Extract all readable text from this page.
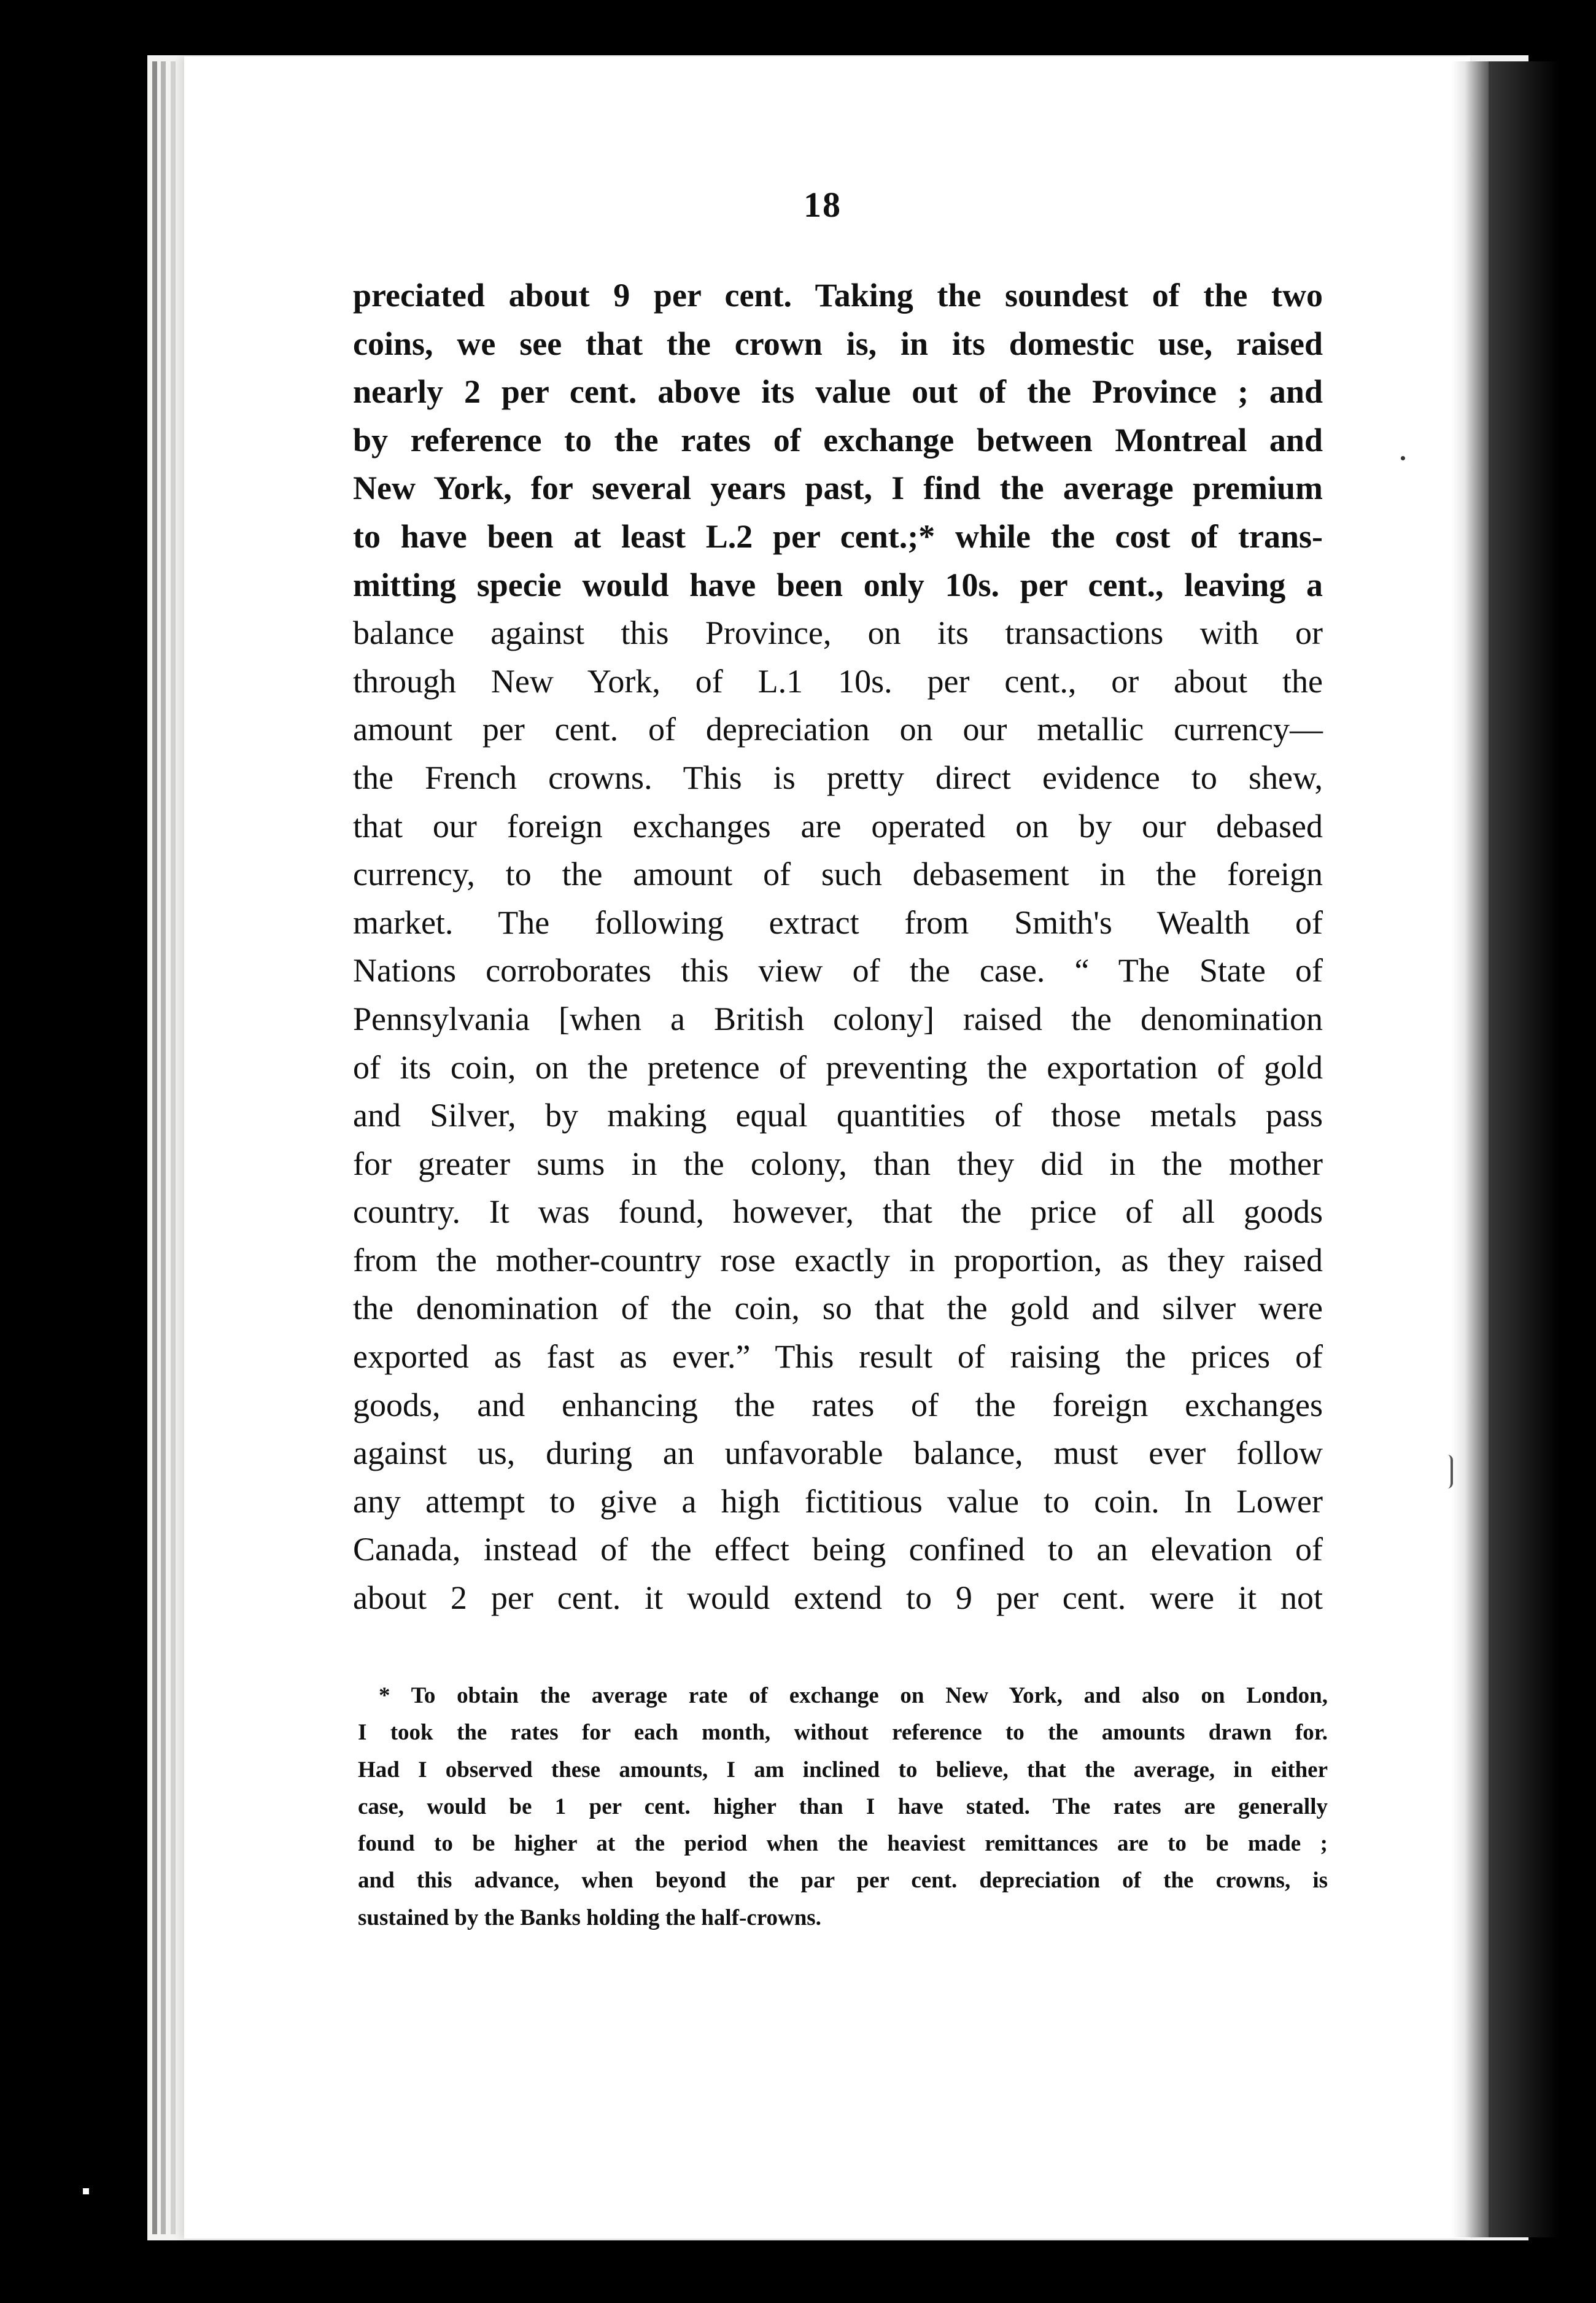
18
preciated about 9 per cent. Taking the soundest of the two
coins, we see that the crown is, in its domestic use, raised
nearly 2 per cent. above its value out of the Province ; and
by reference to the rates of exchange between Montreal and
New York, for several years past, I find the average premium
to have been at least L.2 per cent.;* while the cost of trans-
mitting specie would have been only 10s. per cent., leaving a
balance against this Province, on its transactions with or
through New York, of L.1 10s. per cent., or about the
amount per cent. of depreciation on our metallic currency—
the French crowns. This is pretty direct evidence to shew,
that our foreign exchanges are operated on by our debased
currency, to the amount of such debasement in the foreign
market. The following extract from Smith's Wealth of
Nations corroborates this view of the case. “ The State of
Pennsylvania [when a British colony] raised the denomination
of its coin, on the pretence of preventing the exportation of gold
and Silver, by making equal quantities of those metals pass
for greater sums in the colony, than they did in the mother
country. It was found, however, that the price of all goods
from the mother-country rose exactly in proportion, as they raised
the denomination of the coin, so that the gold and silver were
exported as fast as ever.” This result of raising the prices of
goods, and enhancing the rates of the foreign exchanges
against us, during an unfavorable balance, must ever follow
any attempt to give a high fictitious value to coin. In Lower
Canada, instead of the effect being confined to an elevation of
about 2 per cent. it would extend to 9 per cent. were it not
* To obtain the average rate of exchange on New York, and also on London,
I took the rates for each month, without reference to the amounts drawn for.
Had I observed these amounts, I am inclined to believe, that the average, in either
case, would be 1 per cent. higher than I have stated. The rates are generally
found to be higher at the period when the heaviest remittances are to be made ;
and this advance, when beyond the par per cent. depreciation of the crowns, is
sustained by the Banks holding the half-crowns.
